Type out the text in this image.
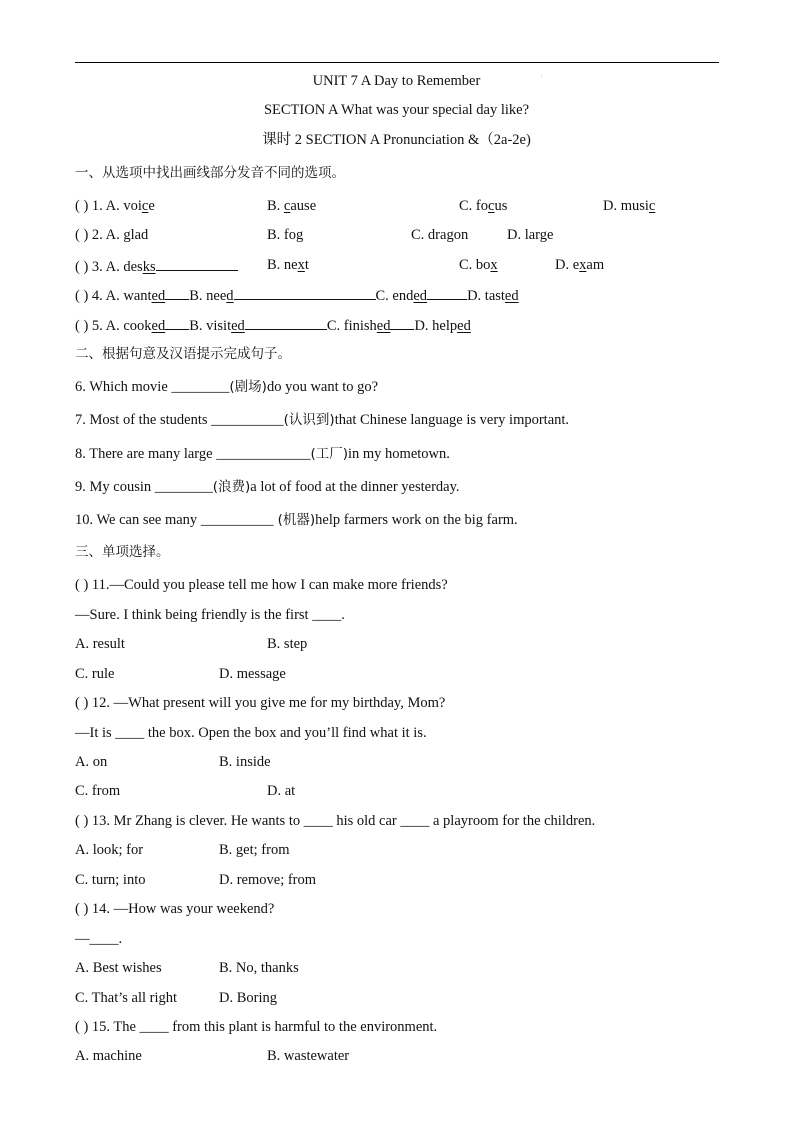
:
UNIT 7 A Day to Remember
SECTION A What was your special day like?
课时 2 SECTION A Pronunciation &（2a-2e)
一、从选项中找出画线部分发音不同的选项。
( ) 1. A. voice	B. cause	C. focus	D. music
( ) 2. A. glad	B. fog	C. dragon	D. large
( ) 3. A. desks	B. next	C. box	D. exam
( ) 4. A. wanted B. need	C. ended	D. tasted
( ) 5. A. cooked B. visited	C. finished D. helped
二、根据句意及汉语提示完成句子。
6. Which movie ________(剧场)do you want to go?
7. Most of the students __________(认识到)that Chinese language is very important.
8. There are many large _____________(工厂)in my hometown.
9. My cousin ________(浪费)a lot of food at the dinner yesterday.
10. We can see many __________ (机器)help farmers work on the big farm.
三、单项选择。
( ) 11.—Could you please tell me how I can make more friends?
—Sure. I think being friendly is the first ____.
A. result	B. step
C. rule	D. message
( ) 12. —What present will you give me for my birthday, Mom?
—It is ____ the box. Open the box and you’ll find what it is.
A. on	B. inside
C. from	D. at
( ) 13. Mr Zhang is clever. He wants to ____ his old car ____ a playroom for the children.
A. look; for	B. get; from
C. turn; into	D. remove; from
( ) 14. —How was your weekend?
—____.
A. Best wishes	B. No, thanks
C. That’s all right	D. Boring
( ) 15. The ____ from this plant is harmful to the environment.
A. machine	B. wastewater
